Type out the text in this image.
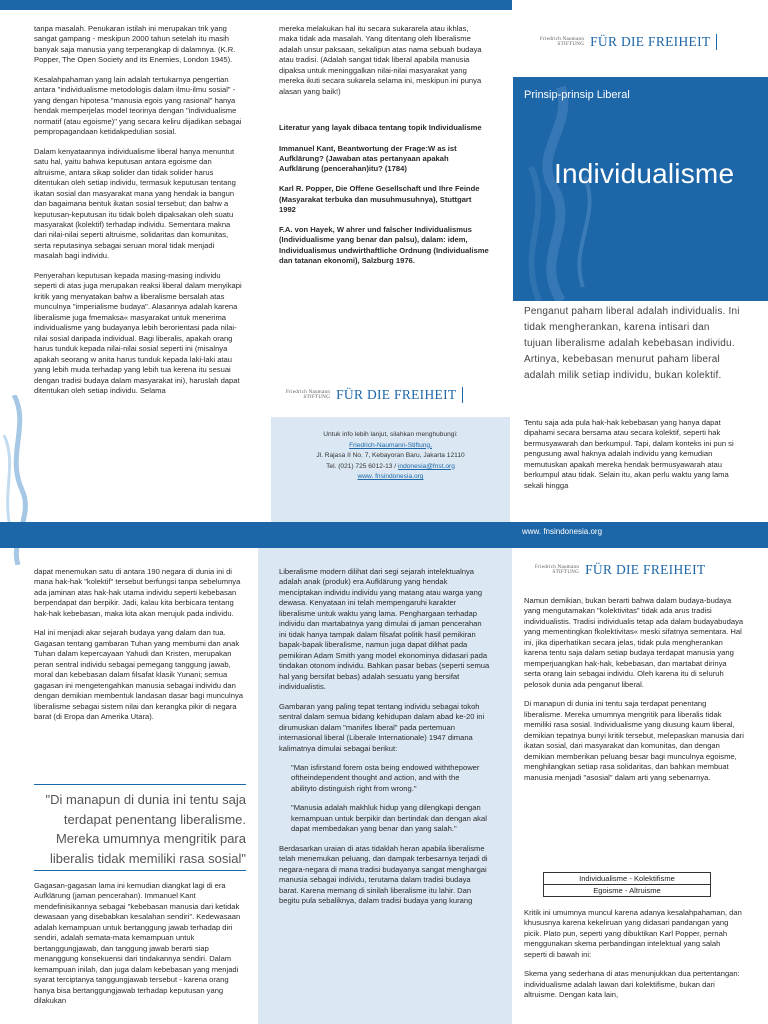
tanpa masalah. Penukaran istilah ini merupakan trik yang sangat gampang - meskipun 2000 tahun setelah itu masih banyak saja manusia yang terperangkap di dalamnya. (K.R. Popper, The Open Society and its Enemies, London 1945).

Kesalahpahaman yang lain adalah tertukarnya pengertian antara "individualisme metodologis dalam ilmu-ilmu sosial" -yang dengan hipotesa "manusia egois yang rasional" hanya hendak memperjelas model teorinya dengan "individualisme normatif (atau egoisme)" yang secara keliru dijadikan sebagai pempropagandaan ketidakpedulian sosial.

Dalam kenyataannya individualisme liberal hanya menuntut satu hal, yaitu bahwa keputusan antara egoisme dan altruisme, antara sikap solider dan tidak solider harus ditentukan oleh setiap individu, termasuk keputusan tentang ikatan sosial dan masyarakat mana yang hendak ia bangun dan bagaimana bentuk ikatan sosial tersebut; dan bahw a keputusan-keputusan itu tidak boleh dipaksakan oleh suatu masyarakat (kolektif) terhadap individu. Sementara makna dari nilai-nilai seperti altruisme, solidaritas dan komunitas, serta reputasinya sebagai seruan moral tidak menjadi masalah bagi individu.

Penyerahan keputusan kepada masing-masing individu seperti di atas juga merupakan reaksi liberal dalam menyikapi kritik yang menyatakan bahw a liberalisme bersalah atas munculnya "imperialisme budaya". Alasannya adalah karena liberalisme juga fmemaksa« masyarakat untuk menerima individualisme yang budayanya lebih berorientasi pada nilai-nilai sosial daripada individual. Bagi liberalis, apakah orang harus tunduk kepada nilai-nilai sosial seperti ini (misalnya apakah seorang w anita harus tunduk kepada laki-laki atau yang lebih muda terhadap yang lebih tua kerena itu sesuai dengan tradisi budaya dalam masyarakat ini), haruslah dapat ditentukan oleh setiap individu. Selama

mereka melakukan hal itu secara sukararela atau ikhlas, maka tidak ada masalah. Yang ditentang oleh liberalisme adalah unsur paksaan, sekalipun atas nama sebuah budaya atau tradisi. (Adalah sangat tidak liberal apabila manusia dipaksa untuk meninggalkan nilai-nilai masyarakat yang mereka ikuti secara sukarela selama ini, meskipun ini punya alasan yang baik!)

Literatur yang layak dibaca tentang topik Individualisme

Immanuel Kant, Beantwortung der Frage:W as ist Aufklärung? (Jawaban atas pertanyaan apakah Aufklärung (pencerahan)itu? (1784)

Karl R. Popper, Die Offene Gesellschaft und Ihre Feinde (Masyarakat terbuka dan musuhmusuhnya), Stuttgart 1992

F.A. von Hayek, W ahrer und falscher Individualismus (Individualisme yang benar dan palsu), dalam: idem, Individualismus undwirthaftliche Ordnung (Individualisme dan tatanan ekonomi), Salzburg 1976.

Friedrich Naumann
STIFTUNG FÜR DIE FREIHEIT
Untuk info lebih lanjut, silahkan menghubungi:
Friedrich-Naumann-Stiftung,
Jl. Rajasa II No. 7, Kebayoran Baru, Jakarta 12110
Tel. (021) 725 6012-13 / indonesia@fnst.org
www. fnsindonesia.org
Friedrich Naumann
STIFTUNG FÜR DIE FREIHEIT
Prinsip-prinsip Liberal
Individualisme
Penganut paham liberal adalah individualis. Ini tidak mengherankan, karena intisari dan tujuan liberalisme adalah kebebasan individu. Artinya, kebebasan menurut paham liberal adalah milik setiap individu, bukan kolektif.
Tentu saja ada pula hak-hak kebebasan yang hanya dapat dipahami secara bersama atau secara kolektif, seperti hak bermusyawarah dan berkumpul. Tapi, dalam konteks ini pun si pengusung awal haknya adalah individu yang kemudian memutuskan apakah mereka hendak bermusyawarah atau berkumpul atau tidak. Selain itu, akan perlu waktu yang lama sekali hingga
www. fnsindonesia.org

dapat menemukan satu di antara 190 negara di dunia ini di mana hak-hak "kolektif" tersebut berfungsi tanpa sebelumnya ada jaminan atas hak-hak utama individu seperti kebebasan berpendapat dan berpikir. Jadi, kalau kita berbicara tentang hak-hak kebebasan, maka kita akan merujuk pada individu.

Hal ini menjadi akar sejarah budaya yang dalam dan tua. Gagasan tentang gambaran Tuhan yang membumi dan anak Tuhan dalam kepercayaan Yahudi dan Kristen, merupakan peran sentral individu sebagai pemegang tanggung jawab, moral dan kebebasan dalam filsafat klasik Yunani; semua gagasan ini mengetengahkan manusia sebagai individu dan dengan demikian membentuk landasan dasar bagi munculnya liberalisme sebagai sistem nilai dan kerangka pikir di negara barat (di Eropa dan Amerika Utara).

"Di manapun di dunia ini tentu saja terdapat penentang liberalisme. Mereka umumnya mengritik para liberalis tidak memiliki rasa sosial"

Gagasan-gagasan lama ini kemudian diangkat lagi di era Aufklärung (jaman pencerahan). Immanuel Kant mendefinisikannya sebagai "kebebasan manusia dari ketidak dewasaan yang disebabkan kesalahan sendiri". Kedewasaan adalah kemampuan untuk bertanggung jawab terhadap diri sendiri, adalah semata-mata kemampuan untuk bertanggungjawab, dan tanggung jawab berarti siap menanggung konsekuensi dari tindakannya sendiri. Dalam kemampuan inilah, dan juga dalam kebebasan yang menjadi syarat terciptanya tanggungjawab tersebut - karena orang hanya bisa bertanggungjawab terhadap keputusan yang dilakukan

Liberalisme modern dilihat dari segi sejarah intelektualnya adalah anak (produk) era Aufklärung yang hendak menciptakan individu individu yang matang atau warga yang dewasa. Kenyataan ini telah mempengaruhi karakter liberalisme untuk waktu yang lama. Penghargaan terhadap individu dan martabatnya yang dimulai di jaman pencerahan ini tidak hanya tampak dalam filsafat politik hasil pemikiran bapak-bapak liberalisme, namun juga dapat dilihat pada pemikiran Adam Smith yang model ekonominya didasari pada tindakan otonom individu. Bahkan pasar bebas (seperti semua hal yang bersifat bebas) adalah sesuatu yang bersifat individualistis.

Gambaran yang paling tepat tentang individu sebagai tokoh sentral dalam semua bidang kehidupan dalam abad ke-20 ini dirumuskan dalam "manifes liberal" pada pertemuan internasional liberal (Liberale Internationale) 1947 dimana kalimatnya dimulai sebagai berikut:

"Man isfirstand forem osta being endowed withthepower oftheindependent thought and action, and with the abilityto distinguish right from wrong."

"Manusia adalah makhluk hidup yang dilengkapi dengan kemampuan untuk berpikir dan bertindak dan dengan akal dapat membedakan yang benar dan yang salah."

Berdasarkan uraian di atas tidaklah heran apabila liberalisme telah menemukan peluang, dan dampak terbesarnya terjadi di negara-negara di mana tradisi budayanya sangat menghargai manusia sebagai individu, terutama dalam tradisi budaya barat. Karena memang di sinilah liberalisme itu lahir. Dan begitu pula sebaliknya, dalam tradisi budaya yang kurang

Friedrich Naumann
STIFTUNG FÜR DIE FREIHEIT

Namun demikian, bukan berarti bahwa dalam budaya-budaya yang mengutamakan "kolektivitas" tidak ada arus tradisi individualistis. Tradisi individualis tetap ada dalam budayabudaya yang mementingkan fkolektivitas« meski sifatnya sementara. Hal ini, jika diperhatikan secara jelas, tidak pula mengherankan karena tentu saja dalam setiap budaya terdapat manusia yang memperjuangkan hak-hak, kebebasan, dan martabat dirinya serta orang lain sebagai individu. Oleh karena itu di seluruh pelosok dunia ada penganut liberal.

Di manapun di dunia ini tentu saja terdapat penentang liberalisme. Mereka umumnya mengritik para liberalis tidak memiliki rasa sosial. Individualisme yang diusung kaum liberal, demikian tepatnya bunyi kritik tersebut, melepaskan manusia dari ikatan sosial, dari masyarakat dan komunitas, dan dengan demikian memberikan peluang besar bagi munculnya egoisme, menghilangkan setiap rasa solidaritas, dan bahkan membuat manusia menjadi "asosial" dalam arti yang sebenarnya.

Individualisme - Kolektifisme
Egoisme - Altruisme

Kritik ini umumnya muncul karena adanya kesalahpahaman, dan khususnya karena kekeliruan yang didasari pandangan yang picik. Plato pun, seperti yang dibuktikan Karl Popper, pernah menggunakan skema perbandingan intelektual yang salah seperti di bawah ini:

Skema yang sederhana di atas menunjukkan dua pertentangan: individualisme adalah lawan dari kolektifisme, bukan dari altruisme. Dengan kata lain,
